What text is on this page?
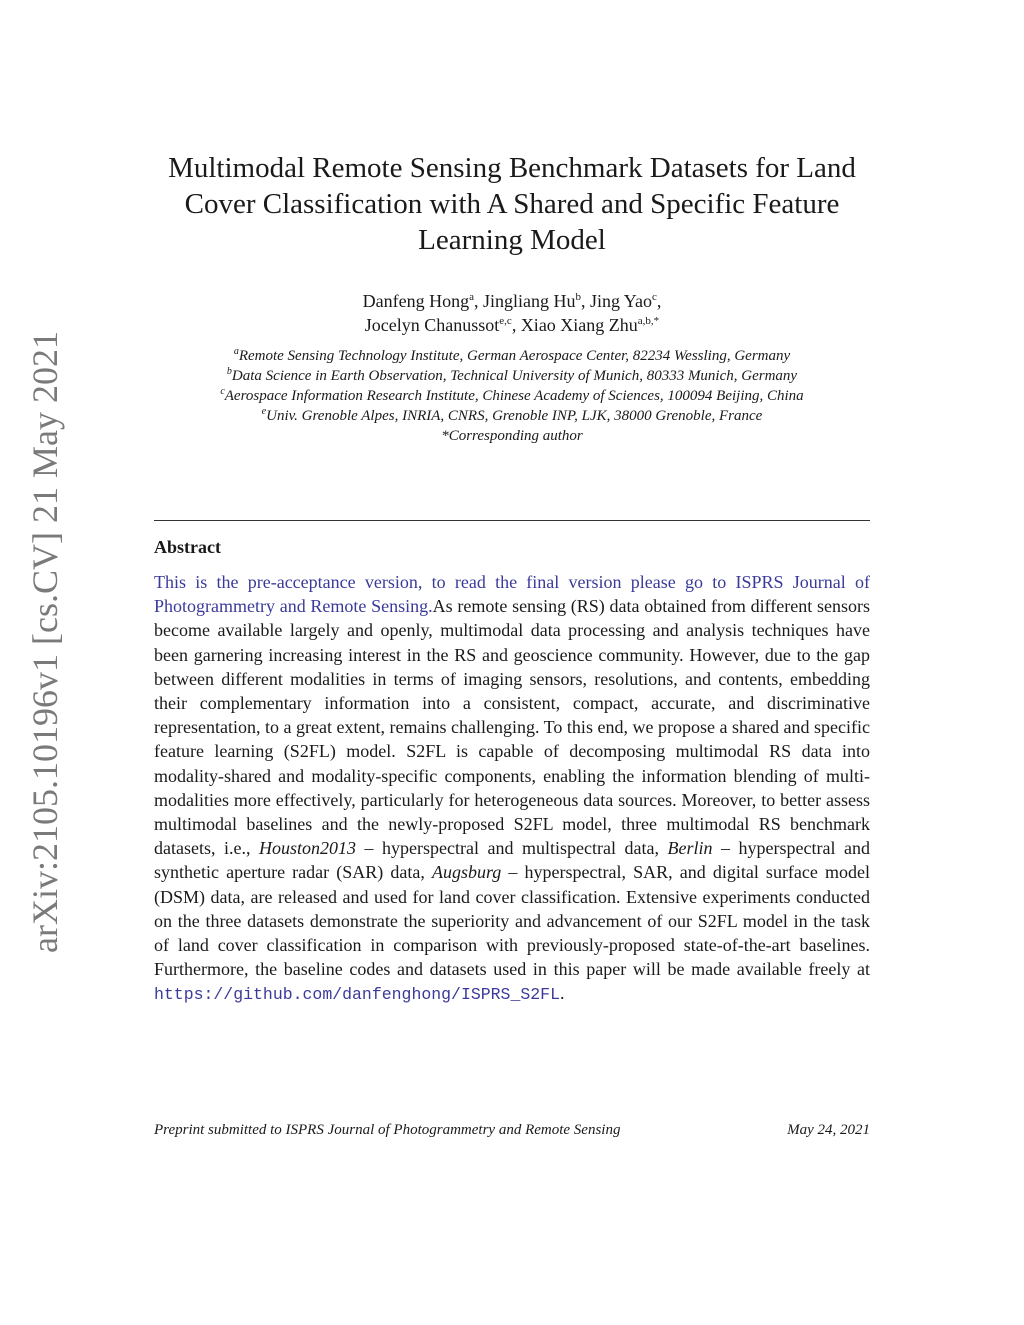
arXiv:2105.10196v1 [cs.CV] 21 May 2021
Multimodal Remote Sensing Benchmark Datasets for Land Cover Classification with A Shared and Specific Feature Learning Model
Danfeng Hong$^a$, Jingliang Hu$^b$, Jing Yao$^c$,
Jocelyn Chanussot$^{e,c}$, Xiao Xiang Zhu$^{a,b,*}$
$^a$Remote Sensing Technology Institute, German Aerospace Center, 82234 Wessling, Germany
$^b$Data Science in Earth Observation, Technical University of Munich, 80333 Munich, Germany
$^c$Aerospace Information Research Institute, Chinese Academy of Sciences, 100094 Beijing, China
$^e$Univ. Grenoble Alpes, INRIA, CNRS, Grenoble INP, LJK, 38000 Grenoble, France
*Corresponding author
Abstract

This is the pre-acceptance version, to read the final version please go to ISPRS Journal of Photogrammetry and Remote Sensing.As remote sensing (RS) data obtained from different sensors become available largely and openly, multimodal data processing and analysis techniques have been garnering increasing interest in the RS and geoscience community. However, due to the gap between different modalities in terms of imaging sensors, resolutions, and contents, embedding their complementary information into a consistent, compact, accurate, and discriminative representation, to a great extent, remains challenging. To this end, we propose a shared and specific feature learning (S2FL) model. S2FL is capable of decomposing multimodal RS data into modality-shared and modality-specific components, enabling the information blending of multi-modalities more effectively, particularly for heterogeneous data sources. Moreover, to better assess multimodal baselines and the newly-proposed S2FL model, three multimodal RS benchmark datasets, i.e., Houston2013 – hyperspectral and multispectral data, Berlin – hyperspectral and synthetic aperture radar (SAR) data, Augsburg – hyperspectral, SAR, and digital surface model (DSM) data, are released and used for land cover classification. Extensive experiments conducted on the three datasets demonstrate the superiority and advancement of our S2FL model in the task of land cover classification in comparison with previously-proposed state-of-the-art baselines. Furthermore, the baseline codes and datasets used in this paper will be made available freely at https://github.com/danfenghong/ISPRS_S2FL.

Preprint submitted to ISPRS Journal of Photogrammetry and Remote Sensing	May 24, 2021
